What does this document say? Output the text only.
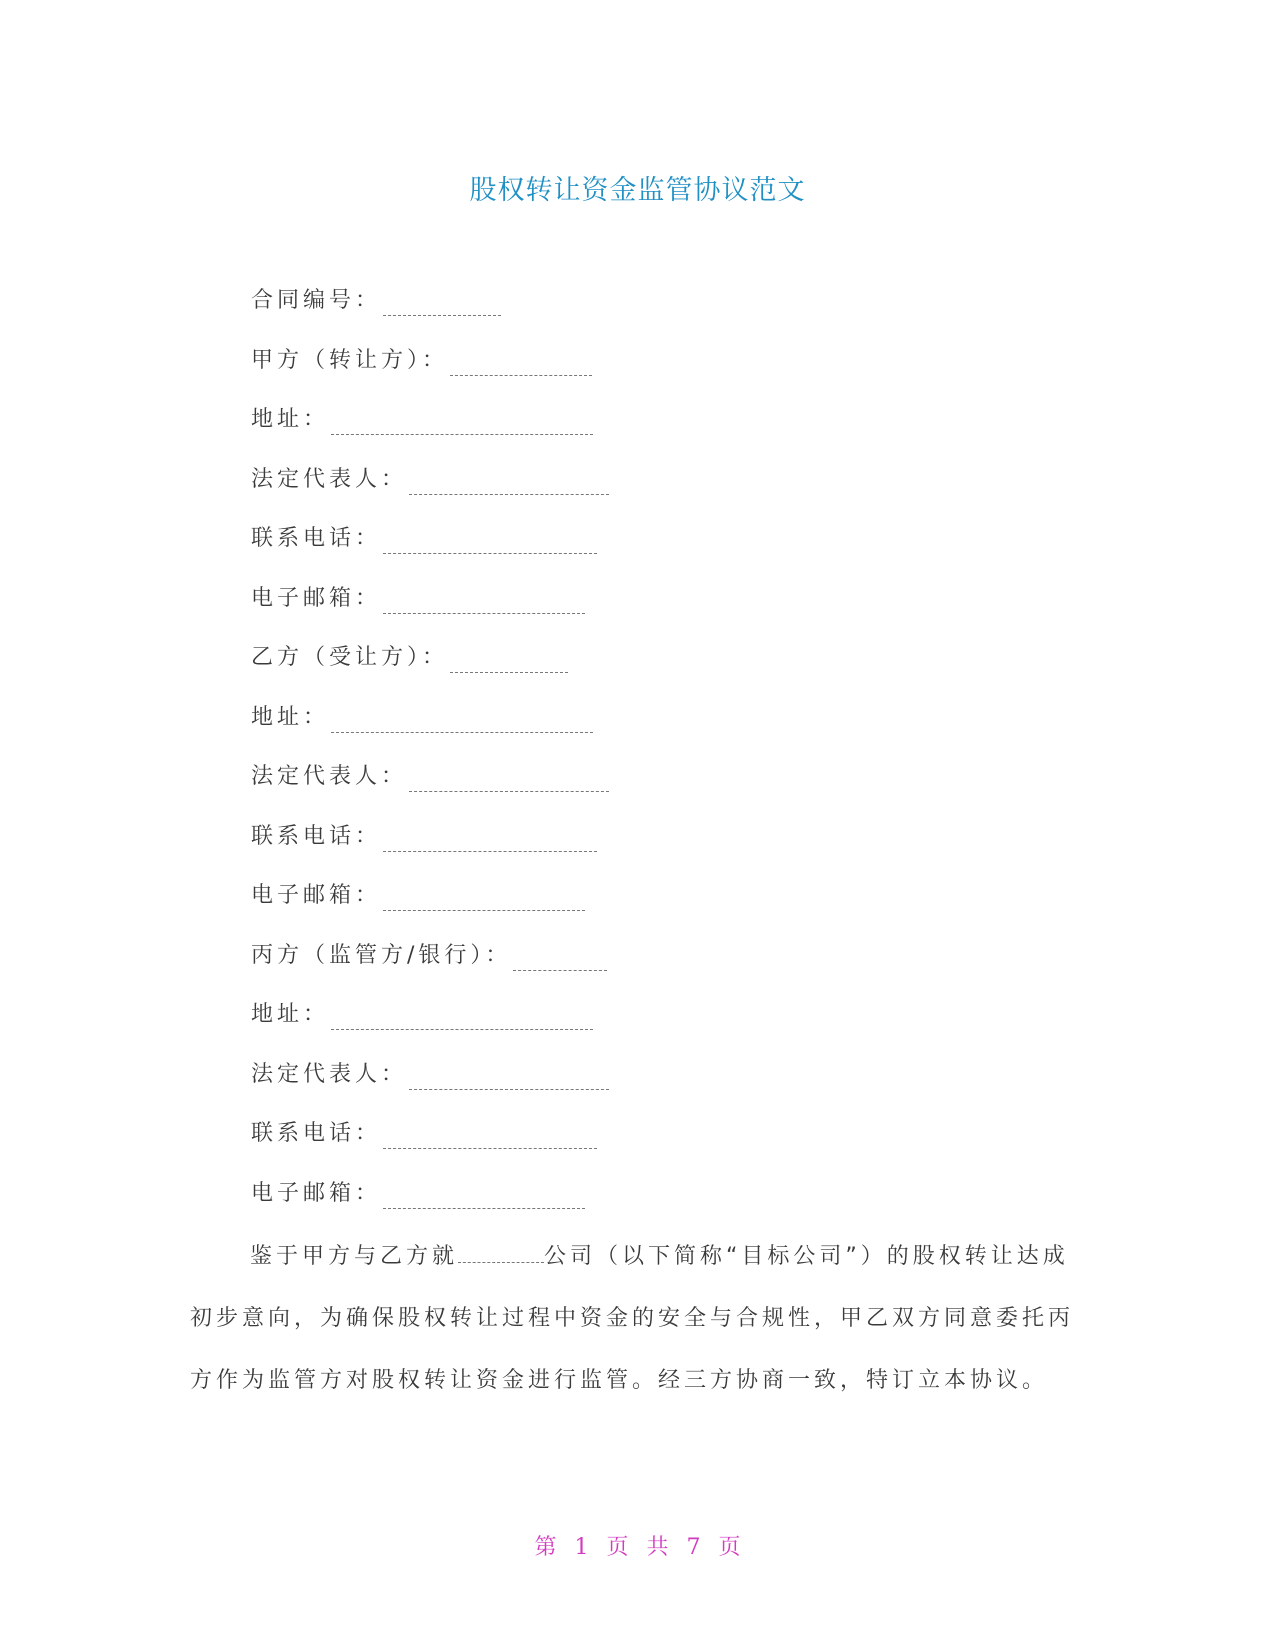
股权转让资金监管协议范文
合同编号：
甲方（转让方）：
地址：
法定代表人：
联系电话：
电子邮箱：
乙方（受让方）：
地址：
法定代表人：
联系电话：
电子邮箱：
丙方（监管方/银行）：
地址：
法定代表人：
联系电话：
电子邮箱：
鉴于甲方与乙方就	公司（以下简称“目标公司”）的股权转让达成初步意向，为确保股权转让过程中资金的安全与合规性，甲乙双方同意委托丙方作为监管方对股权转让资金进行监管。经三方协商一致，特订立本协议。
第 1 页 共 7 页
